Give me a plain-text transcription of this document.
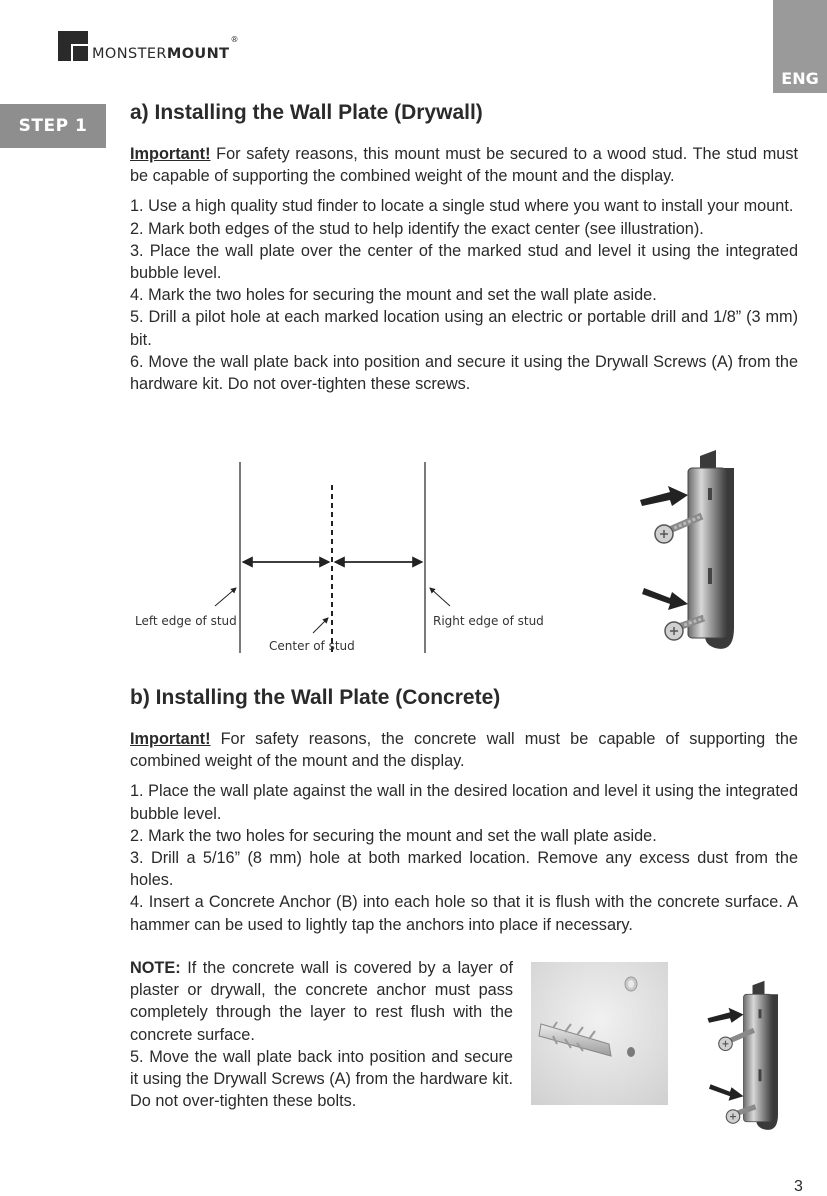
MONSTERMOUNT®
ENG
STEP 1
a) Installing the Wall Plate (Drywall)

Important! For safety reasons, this mount must be secured to a wood stud. The stud must be capable of supporting the combined weight of the mount and the display.

1. Use a high quality stud finder to locate a single stud where you want to install your mount.

2. Mark both edges of the stud to help identify the exact center (see illustration).

3. Place the wall plate over the center of the marked stud and level it using the integrated bubble level.

4. Mark the two holes for securing the mount and set the wall plate aside.

5. Drill a pilot hole at each marked location using an electric or portable drill and 1/8” (3 mm) bit.

6. Move the wall plate back into position and secure it using the Drywall Screws (A) from the hardware kit. Do not over-tighten these screws.

Left edge of stud
Center of stud
Right edge of stud
b) Installing the Wall Plate (Concrete)

Important! For safety reasons, the concrete wall must be capable of supporting the combined weight of the mount and the display.

1. Place the wall plate against the wall in the desired location and level it using the integrated bubble level.

2. Mark the two holes for securing the mount and set the wall plate aside.

3. Drill a 5/16” (8 mm) hole at both marked location. Remove any excess dust from the holes.

4. Insert a Concrete Anchor (B) into each hole so that it is flush with the concrete surface. A hammer can be used to lightly tap the anchors into place if necessary.

NOTE: If the concrete wall is covered by a layer of plaster or drywall, the concrete anchor must pass completely through the layer to rest flush with the concrete surface.

5. Move the wall plate back into position and secure it using the Drywall Screws (A) from the hardware kit. Do not over-tighten these bolts.

3
